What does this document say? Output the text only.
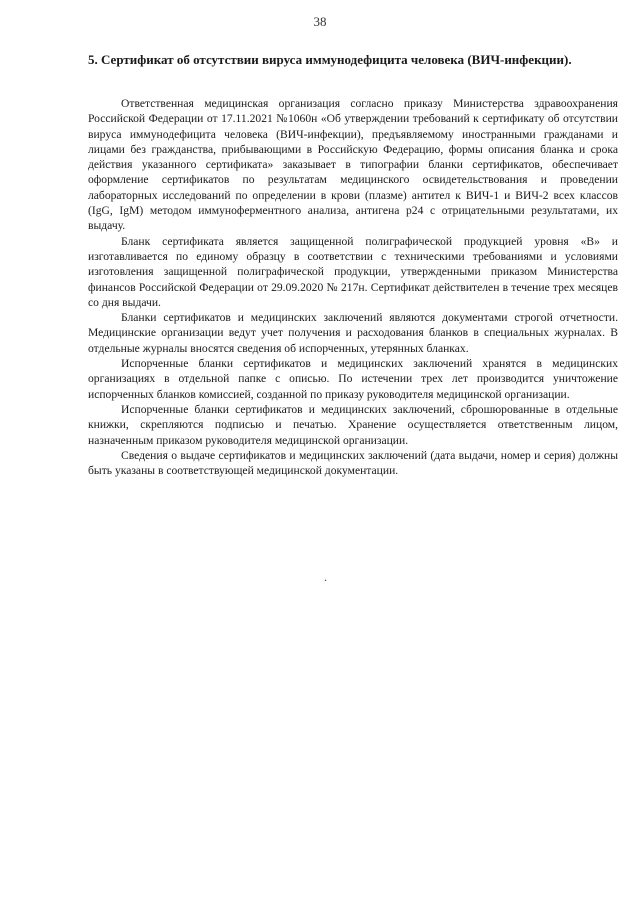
38
5. Сертификат об отсутствии вируса иммунодефицита человека (ВИЧ-инфекции).

Ответственная медицинская организация согласно приказу Министерства здравоохранения Российской Федерации от 17.11.2021 №1060н «Об утверждении требований к сертификату об отсутствии вируса иммунодефицита человека (ВИЧ-инфекции), предъявляемому иностранными гражданами и лицами без гражданства, прибывающими в Российскую Федерацию, формы описания бланка и срока действия указанного сертификата» заказывает в типографии бланки сертификатов, обеспечивает оформление сертификатов по результатам медицинского освидетельствования и проведении лабораторных исследований по определении в крови (плазме) антител к ВИЧ-1 и ВИЧ-2 всех классов (IgG, IgM) методом иммуноферментного анализа, антигена p24 с отрицательными результатами, их выдачу.

Бланк сертификата является защищенной полиграфической продукцией уровня «В» и изготавливается по единому образцу в соответствии с техническими требованиями и условиями изготовления защищенной полиграфической продукции, утвержденными приказом Министерства финансов Российской Федерации от 29.09.2020 № 217н. Сертификат действителен в течение трех месяцев со дня выдачи.

Бланки сертификатов и медицинских заключений являются документами строгой отчетности. Медицинские организации ведут учет получения и расходования бланков в специальных журналах. В отдельные журналы вносятся сведения об испорченных, утерянных бланках.

Испорченные бланки сертификатов и медицинских заключений хранятся в медицинских организациях в отдельной папке с описью. По истечении трех лет производится уничтожение испорченных бланков комиссией, созданной по приказу руководителя медицинской организации.

Испорченные бланки сертификатов и медицинских заключений, сброшюрованные в отдельные книжки, скрепляются подписью и печатью. Хранение осуществляется ответственным лицом, назначенным приказом руководителя медицинской организации.

Сведения о выдаче сертификатов и медицинских заключений (дата выдачи, номер и серия) должны быть указаны в соответствующей медицинской документации.

.
